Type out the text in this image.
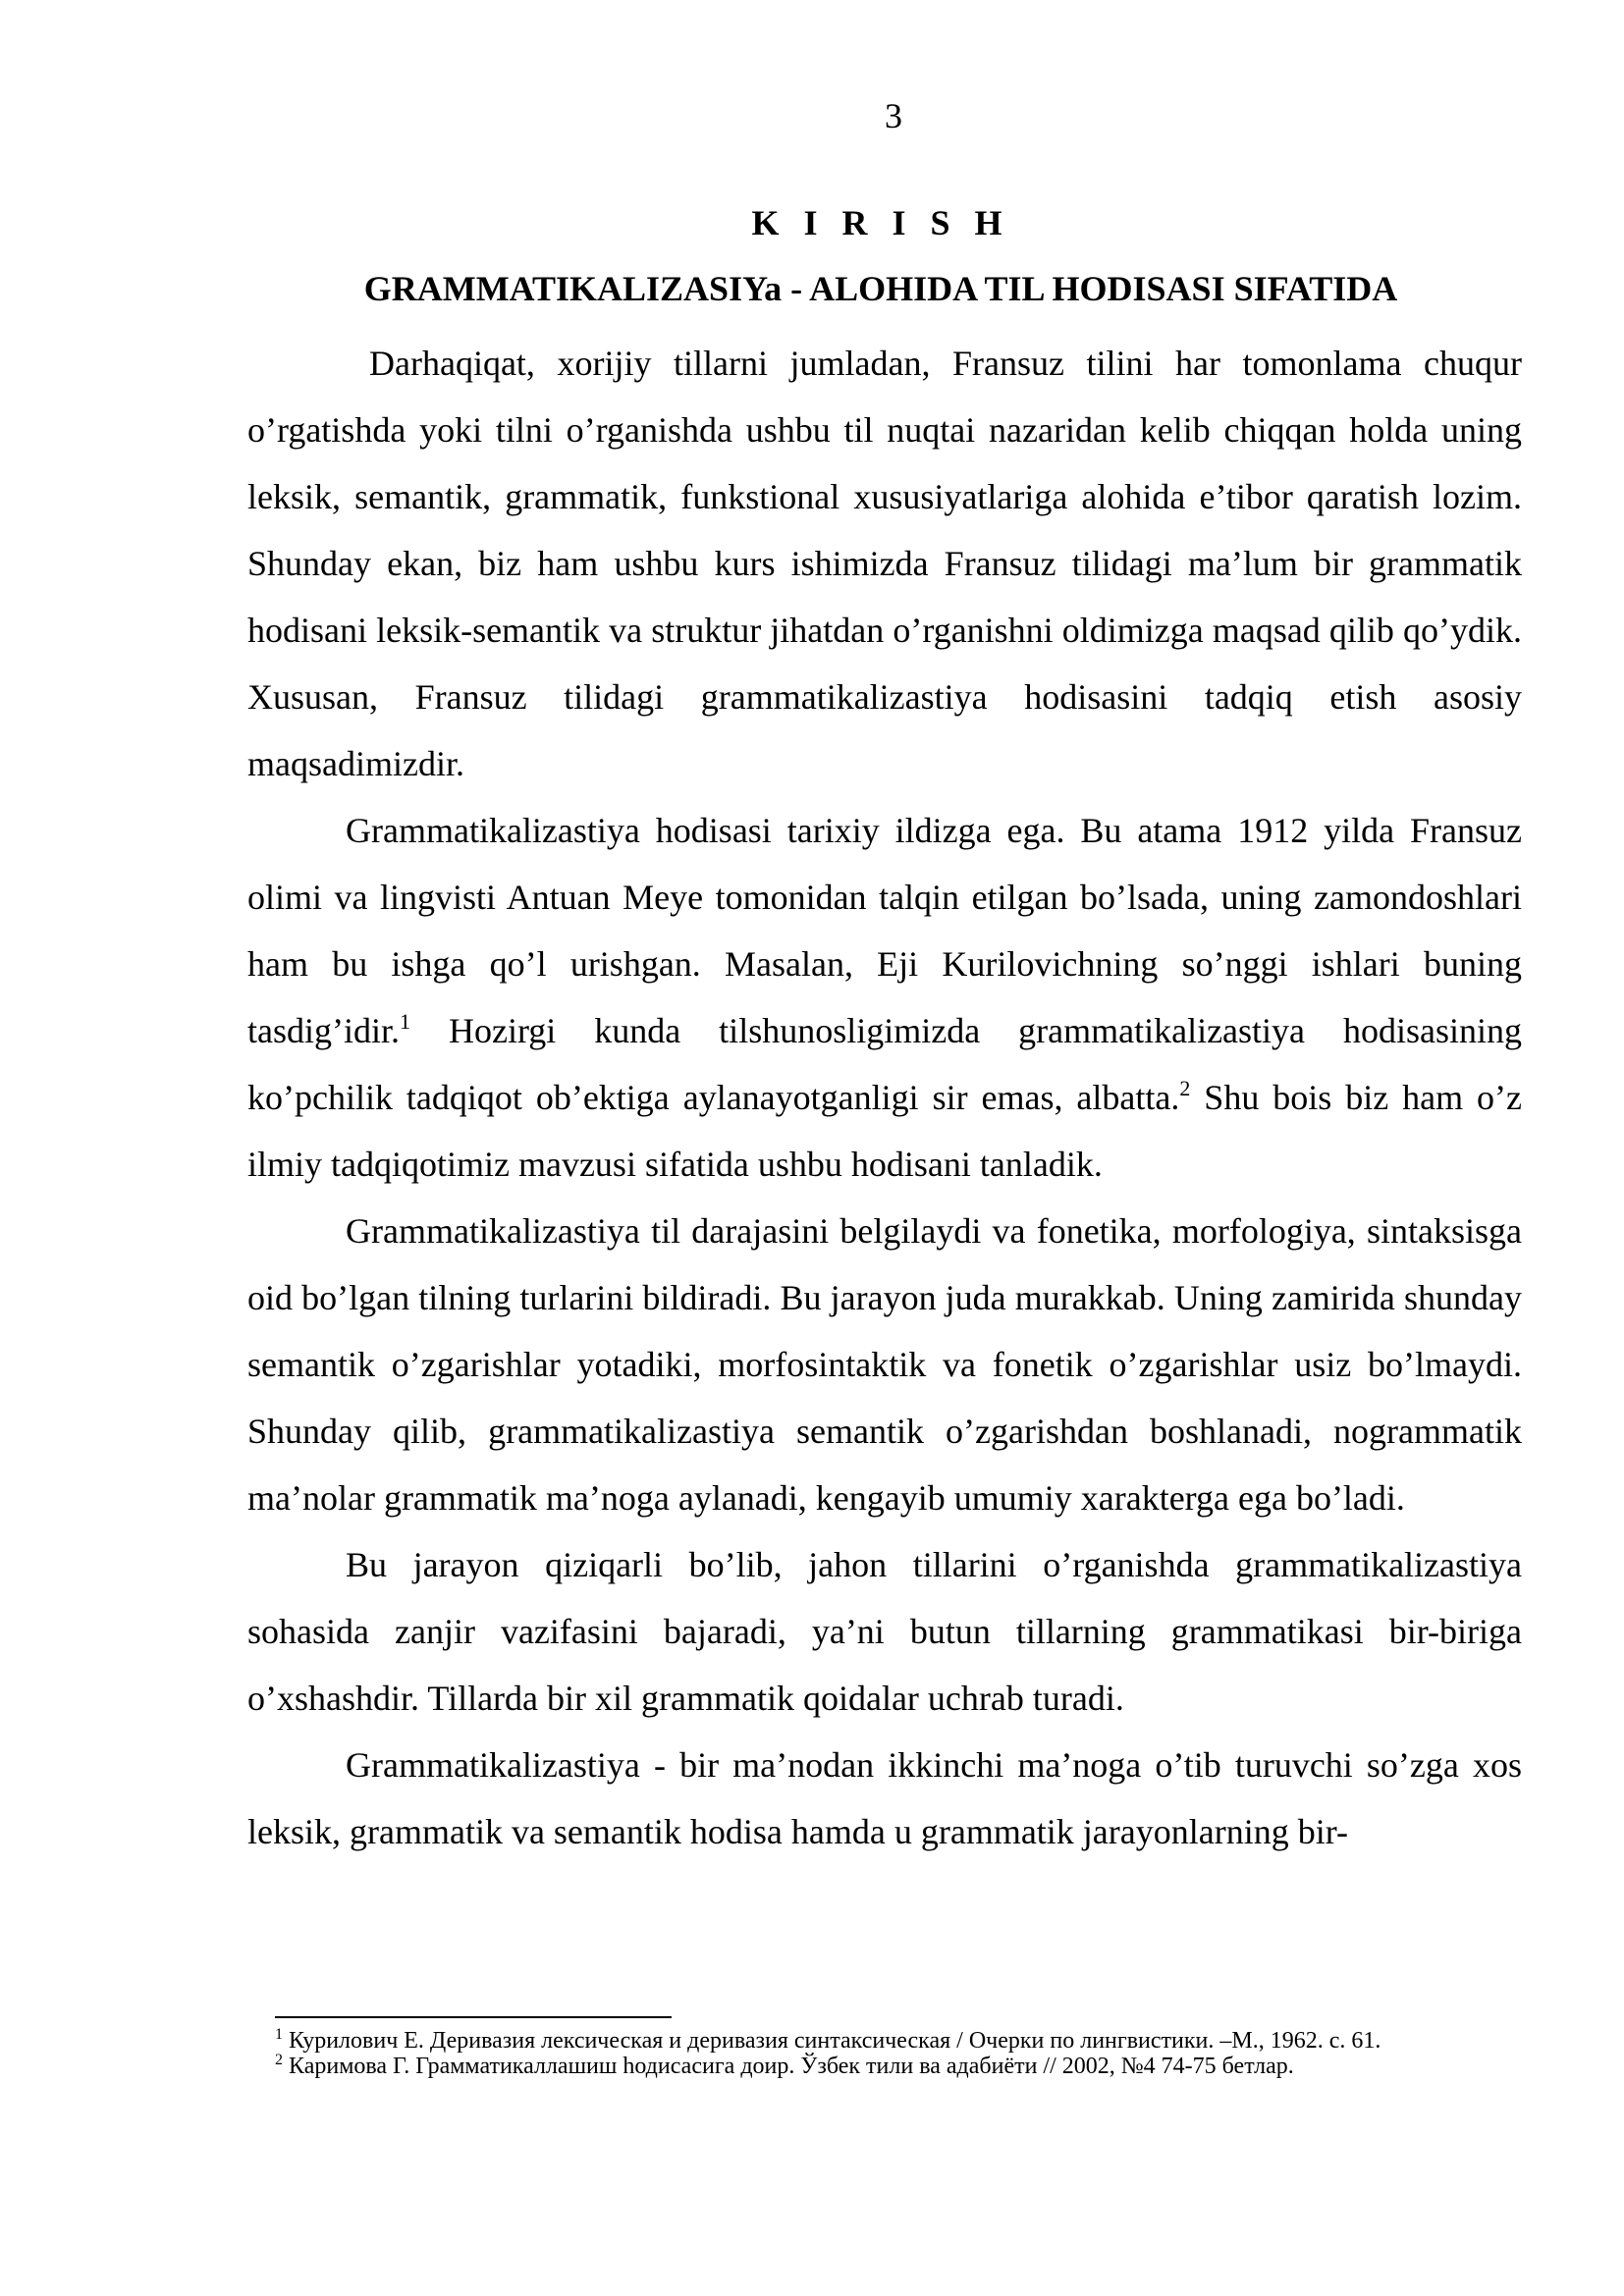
3
K I R I S H
GRAMMATIKALIZASIYa - ALOHIDA TIL HODISASI SIFATIDA

Darhaqiqat, xorijiy tillarni jumladan, Fransuz tilini har tomonlama chuqur o’rgatishda yoki tilni o’rganishda ushbu til nuqtai nazaridan kelib chiqqan holda uning leksik, semantik, grammatik, funkstional xususiyatlariga alohida e’tibor qaratish lozim. Shunday ekan, biz ham ushbu kurs ishimizda Fransuz tilidagi ma’lum bir grammatik hodisani leksik-semantik va struktur jihatdan o’rganishni oldimizga maqsad qilib qo’ydik. Xususan, Fransuz tilidagi grammatikalizastiya hodisasini tadqiq etish asosiy maqsadimizdir.

Grammatikalizastiya hodisasi tarixiy ildizga ega. Bu atama 1912 yilda Fransuz olimi va lingvisti Antuan Meye tomonidan talqin etilgan bo’lsada, uning zamondoshlari ham bu ishga qo’l urishgan. Masalan, Eji Kurilovichning so’nggi ishlari buning tasdig’idir.$^1$ Hozirgi kunda tilshunosligimizda grammatikalizastiya hodisasining ko’pchilik tadqiqot ob’ektiga aylanayotganligi sir emas, albatta.$^2$ Shu bois biz ham o’z ilmiy tadqiqotimiz mavzusi sifatida ushbu hodisani tanladik.

Grammatikalizastiya til darajasini belgilaydi va fonetika, morfologiya, sintaksisga oid bo’lgan tilning turlarini bildiradi. Bu jarayon juda murakkab. Uning zamirida shunday semantik o’zgarishlar yotadiki, morfosintaktik va fonetik o’zgarishlar usiz bo’lmaydi. Shunday qilib, grammatikalizastiya semantik o’zgarishdan boshlanadi, nogrammatik ma’nolar grammatik ma’noga aylanadi, kengayib umumiy xarakterga ega bo’ladi.

Bu jarayon qiziqarli bo’lib, jahon tillarini o’rganishda grammatikalizastiya sohasida zanjir vazifasini bajaradi, ya’ni butun tillarning grammatikasi bir-biriga o’xshashdir. Tillarda bir xil grammatik qoidalar uchrab turadi.

Grammatikalizastiya - bir ma’nodan ikkinchi ma’noga o’tib turuvchi so’zga xos leksik, grammatik va semantik hodisa hamda u grammatik jarayonlarning bir-

$^1$ Курилович Е. Деривазия лексическая и деривазия синтаксическая / Очерки по лингвистики. –М., 1962. с. 61.

$^2$ Каримова Г. Грамматикаллашиш hодисасига доир. Ўзбек тили ва адабиёти // 2002, №4 74-75 бетлар.
